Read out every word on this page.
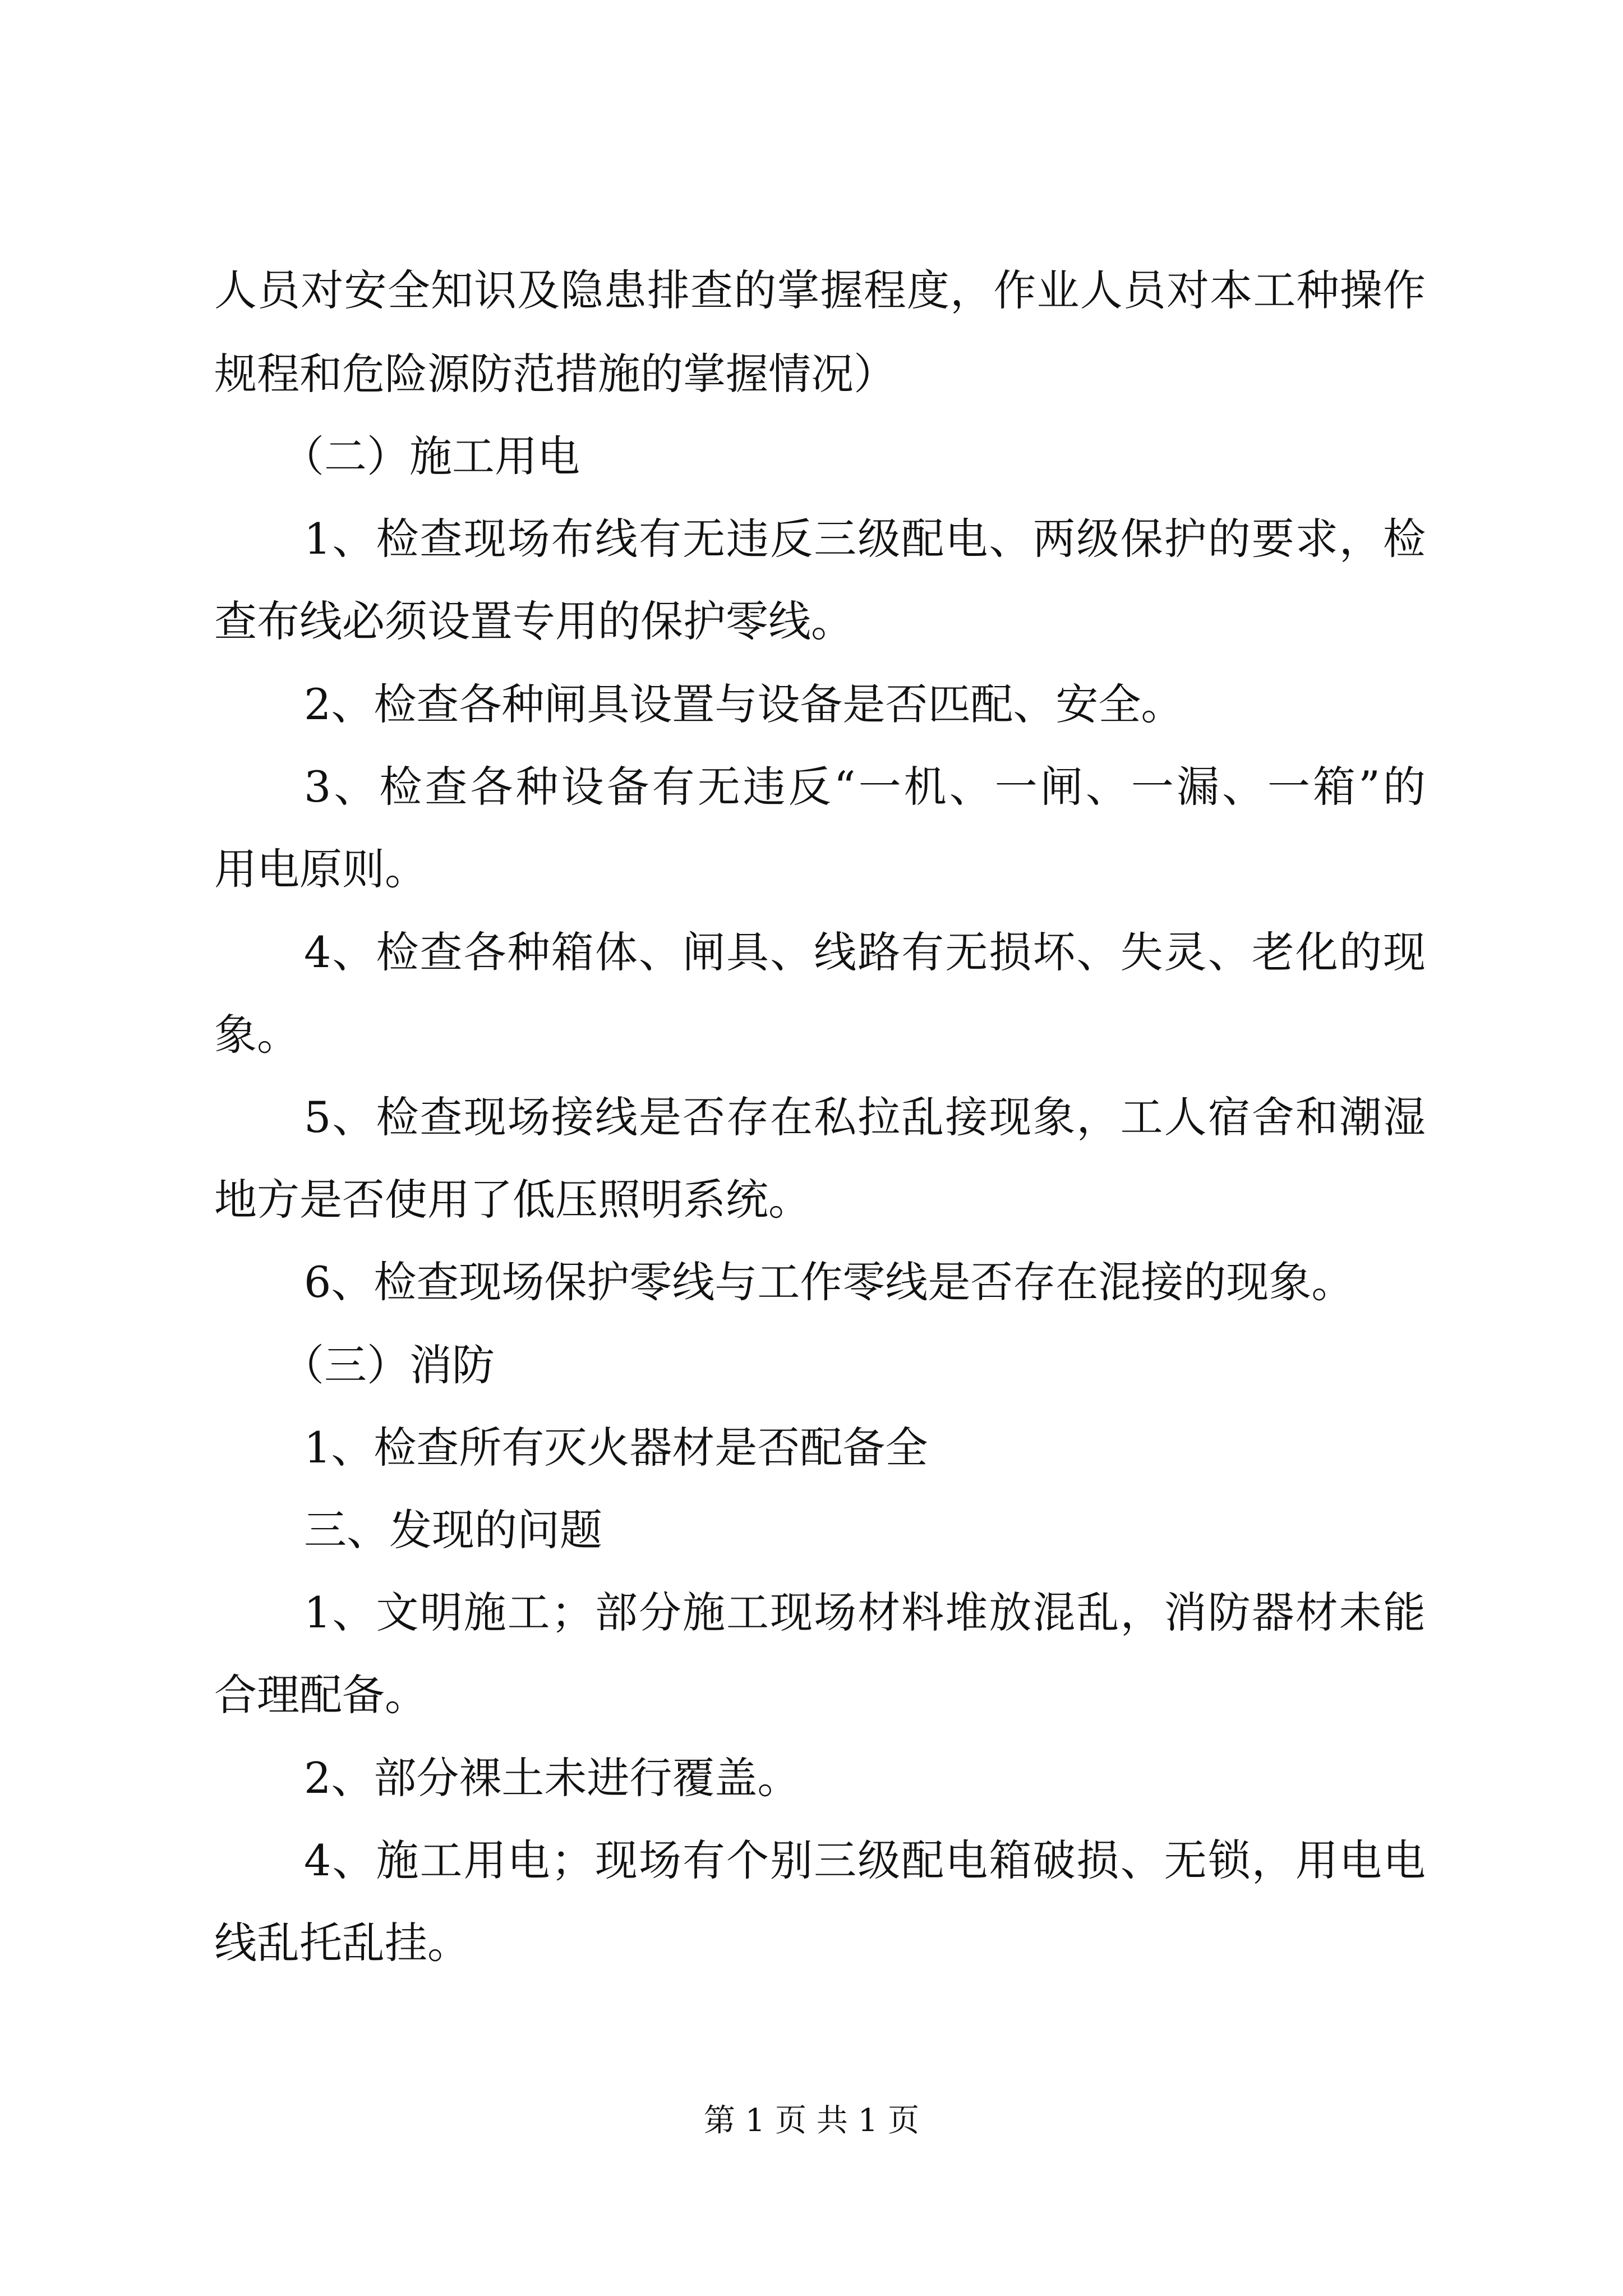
人员对安全知识及隐患排查的掌握程度，作业人员对本工种操作
规程和危险源防范措施的掌握情况）
（二）施工用电
1、检查现场布线有无违反三级配电、两级保护的要求，检
查布线必须设置专用的保护零线。
2、检查各种闸具设置与设备是否匹配、安全。
3、检查各种设备有无违反“一机、一闸、一漏、一箱”的
用电原则。
4、检查各种箱体、闸具、线路有无损坏、失灵、老化的现
象。
5、检查现场接线是否存在私拉乱接现象，工人宿舍和潮湿
地方是否使用了低压照明系统。
6、检查现场保护零线与工作零线是否存在混接的现象。
（三）消防
1、检查所有灭火器材是否配备全
三、发现的问题
1、文明施工；部分施工现场材料堆放混乱，消防器材未能
合理配备。
2、部分裸土未进行覆盖。
4、施工用电；现场有个别三级配电箱破损、无锁，用电电
线乱托乱挂。
第 1 页 共 1 页
